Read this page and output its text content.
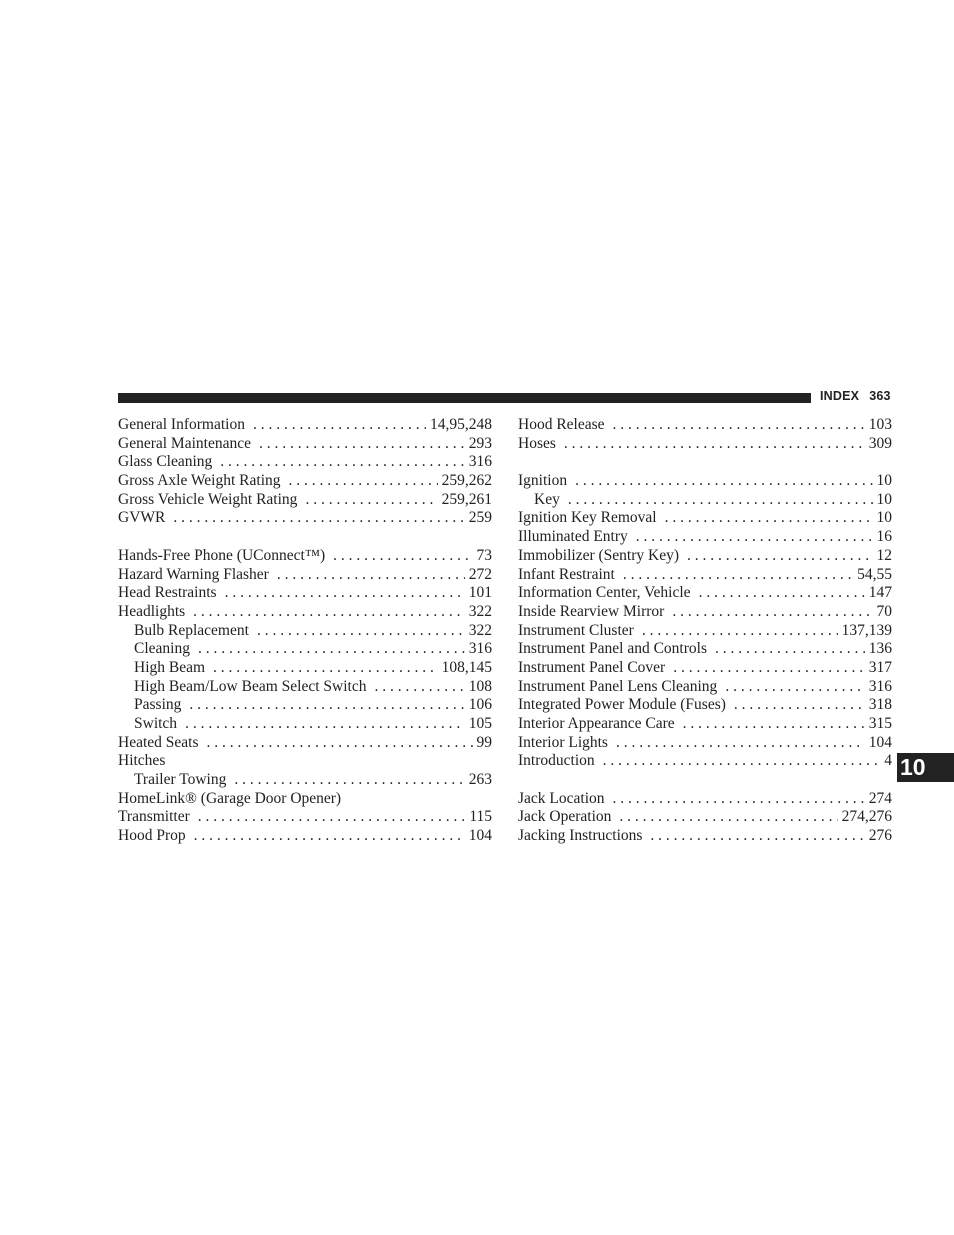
INDEX 363
General Information . . .	14,95,248
General Maintenance . . .	293
Glass Cleaning . . .	316
Gross Axle Weight Rating . . .	259,262
Gross Vehicle Weight Rating . . .	259,261
GVWR . . .	259
Hands-Free Phone (UConnect™) . . .	73
Hazard Warning Flasher . . .	272
Head Restraints . . .	101
Headlights . . .	322
Bulb Replacement . . .	322
Cleaning . . .	316
High Beam . . .	108,145
High Beam/Low Beam Select Switch . . .	108
Passing . . .	106
Switch . . .	105
Heated Seats . . .	99
Hitches
Trailer Towing . . .	263
HomeLink® (Garage Door Opener)
Transmitter . . .	115
Hood Prop . . .	104
Hood Release . . .	103
Hoses . . .	309
Ignition . . .	10
Key . . .	10
Ignition Key Removal . . .	10
Illuminated Entry . . .	16
Immobilizer (Sentry Key) . . .	12
Infant Restraint . . .	54,55
Information Center, Vehicle . . .	147
Inside Rearview Mirror . . .	70
Instrument Cluster . . .	137,139
Instrument Panel and Controls . . .	136
Instrument Panel Cover . . .	317
Instrument Panel Lens Cleaning . . .	316
Integrated Power Module (Fuses) . . .	318
Interior Appearance Care . . .	315
Interior Lights . . .	104
Introduction . . .	4
Jack Location . . .	274
Jack Operation . . .	274,276
Jacking Instructions . . .	276
10
